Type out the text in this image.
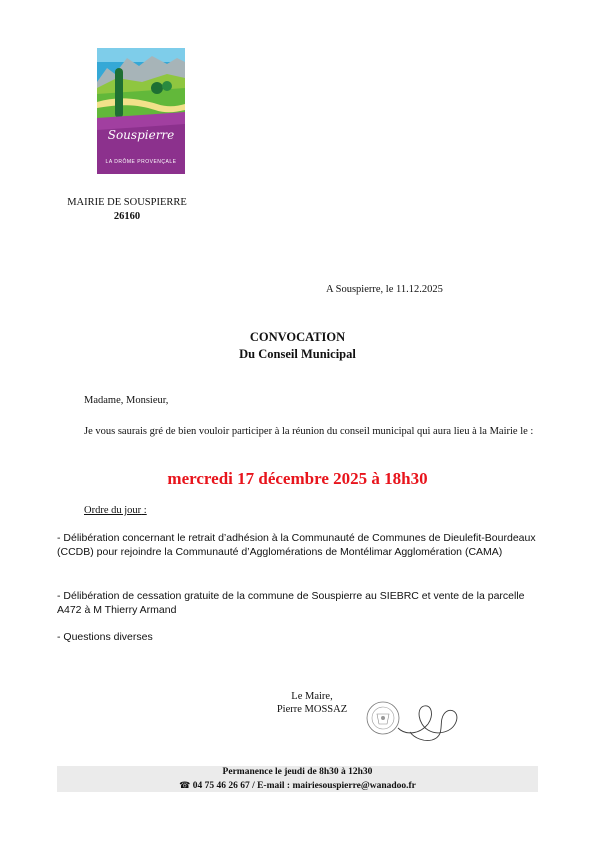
Souspierre
LA DRÔME PROVENÇALE
MAIRIE DE SOUSPIERRE
26160
A Souspierre, le 11.12.2025
CONVOCATION
Du Conseil Municipal
Madame, Monsieur,
Je vous saurais gré de bien vouloir participer à la réunion du conseil municipal qui aura lieu à la Mairie le :
mercredi 17 décembre 2025 à 18h30
Ordre du jour :
- Délibération concernant le retrait d’adhésion à la Communauté de Communes de Dieulefit-Bourdeaux (CCDB) pour rejoindre la Communauté d’Agglomérations de Montélimar Agglomération (CAMA)
- Délibération de cessation gratuite de la commune de Souspierre au SIEBRC et vente de la parcelle A472 à M Thierry Armand
- Questions diverses
Le Maire,
Pierre MOSSAZ
Permanence le jeudi de 8h30 à 12h30
☎ 04 75 46 26 67 / E-mail : mairiesouspierre@wanadoo.fr
